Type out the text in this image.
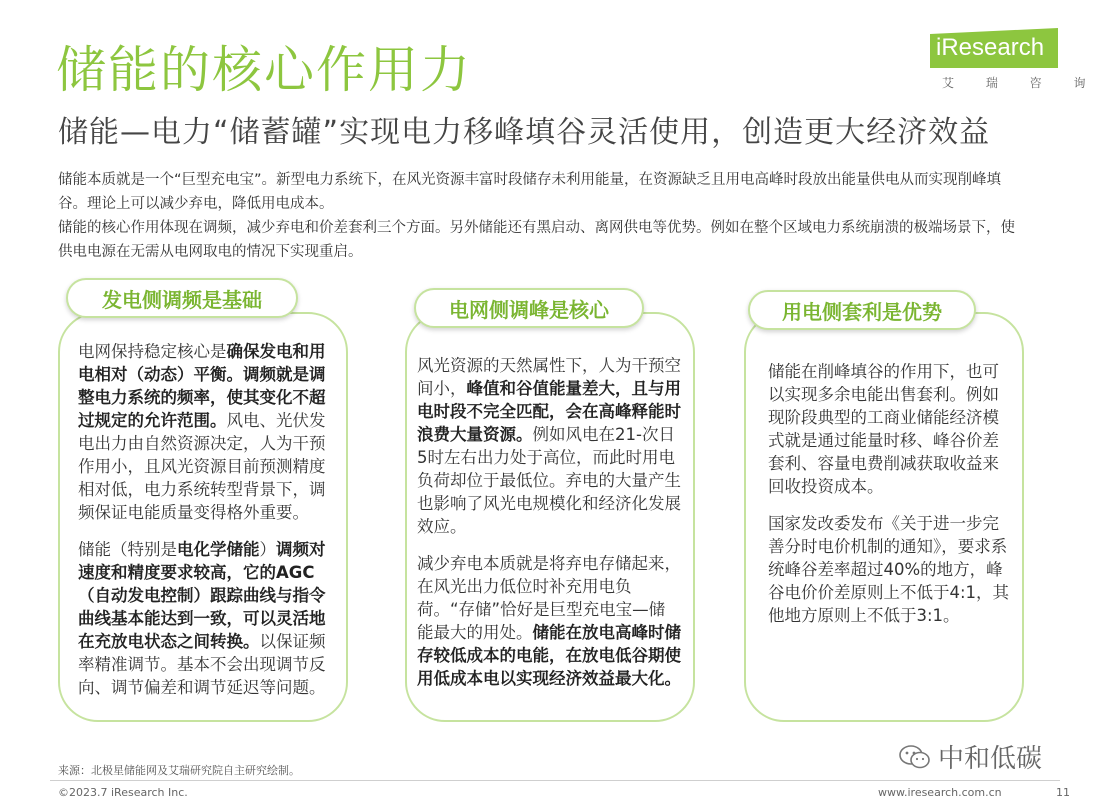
储能的核心作用力
储能—电力“储蓄罐”实现电力移峰填谷灵活使用，创造更大经济效益
iResearch
艾 瑞 咨 询

储能本质就是一个“巨型充电宝”。新型电力系统下，在风光资源丰富时段储存未利用能量，在资源缺乏且用电高峰时段放出能量供电从而实现削峰填谷。理论上可以减少弃电，降低用电成本。

储能的核心作用体现在调频，减少弃电和价差套利三个方面。另外储能还有黑启动、离网供电等优势。例如在整个区域电力系统崩溃的极端场景下，使供电电源在无需从电网取电的情况下实现重启。

电网保持稳定核心是确保发电和用电相对（动态）平衡。调频就是调整电力系统的频率，使其变化不超过规定的允许范围。风电、光伏发电出力由自然资源决定，人为干预作用小，且风光资源目前预测精度相对低，电力系统转型背景下，调频保证电能质量变得格外重要。

储能（特别是电化学储能）调频对速度和精度要求较高，它的AGC（自动发电控制）跟踪曲线与指令曲线基本能达到一致，可以灵活地在充放电状态之间转换。以保证频率精准调节。基本不会出现调节反向、调节偏差和调节延迟等问题。

风光资源的天然属性下，人为干预空间小，峰值和谷值能量差大，且与用电时段不完全匹配，会在高峰释能时浪费大量资源。例如风电在21-次日5时左右出力处于高位，而此时用电负荷却位于最低位。弃电的大量产生也影响了风光电规模化和经济化发展效应。

减少弃电本质就是将弃电存储起来，在风光出力低位时补充用电负荷。“存储”恰好是巨型充电宝—储能最大的用处。储能在放电高峰时储存较低成本的电能，在放电低谷期使用低成本电以实现经济效益最大化。

储能在削峰填谷的作用下，也可以实现多余电能出售套利。例如现阶段典型的工商业储能经济模式就是通过能量时移、峰谷价差套利、容量电费削减获取收益来回收投资成本。

国家发改委发布《关于进一步完善分时电价机制的通知》，要求系统峰谷差率超过40%的地方，峰谷电价价差原则上不低于4:1，其他地方原则上不低于3:1。

发电侧调频是基础	电网侧调峰是核心	用电侧套利是优势
来源：北极星储能网及艾瑞研究院自主研究绘制。
©2023.7 iResearch Inc.	www.iresearch.com.cn	11
中和低碳
